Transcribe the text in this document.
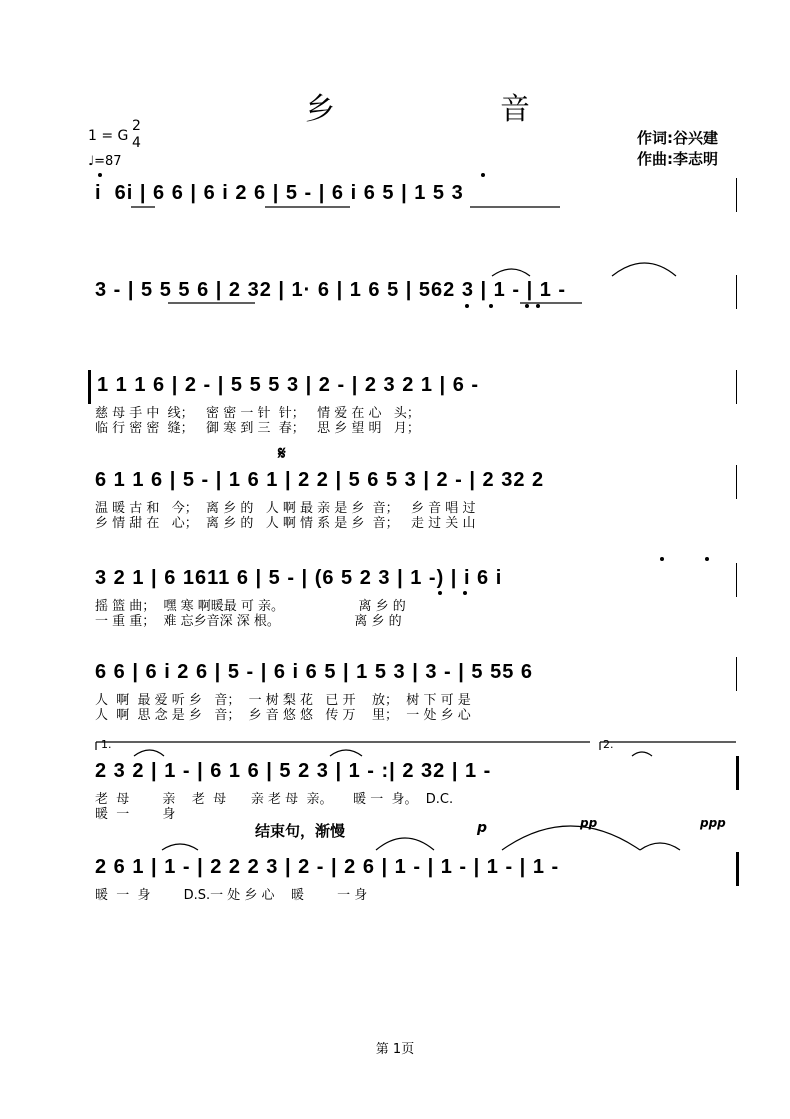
乡	音
1 = G
2
4
♩=87
作词:谷兴建
作曲:李志明
i  6i | 6 6 | 6 i 2 6 | 5 - | 6 i 6 5 | 1 5 3
3 - | 5 5 5 6 | 2 32 | 1· 6 | 1 6 5 | 562 3 | 1 - | 1 -
1 1 1 6 | 2 - | 5 5 5 3 | 2 - | 2 3 2 1 | 6 -
慈 母 手 中  线；   密 密 一 针  针；   情 爱 在 心   头；
临 行 密 密  缝；   御 寒 到 三  春；   思 乡 望 明   月；
𝄋
6 1 1 6 | 5 - | 1 6 1 | 2 2 | 5 6 5 3 | 2 - | 2 32 2
温 暖 古 和   今；  离 乡 的   人 啊 最 亲 是 乡  音；   乡 音 唱 过
乡 情 甜 在   心；  离 乡 的   人 啊 情 系 是 乡  音；   走 过 关 山
3 2 1 | 6 1611 6 | 5 - | (6 5 2 3 | 1 -) | i 6 i
摇 篮 曲；  嘿 寒 啊暖最 可 亲。                  离 乡 的
一 重 重；  难 忘乡音深 深 根。                  离 乡 的
6 6 | 6 i 2 6 | 5 - | 6 i 6 5 | 1 5 3 | 3 - | 5 55 6
人  啊  最 爱 听 乡   音；  一 树 梨 花   已 开    放；  树 下 可 是
人  啊  思 念 是 乡   音；  乡 音 悠 悠   传 万    里；  一 处 乡 心
1.	2.
2 3 2 | 1 - | 6 1 6 | 5 2 3 | 1 - :| 2 32 | 1 -
老  母        亲    老  母      亲 老 母  亲。     暖 一  身。  D.C.
暖  一        身
结束句，渐慢	p	pp	ppp
2 6 1 | 1 - | 2 2 2 3 | 2 - | 2 6 | 1 - | 1 - | 1 - | 1 -
暖  一  身        D.S.一 处 乡 心    暖        一 身
第 1页
